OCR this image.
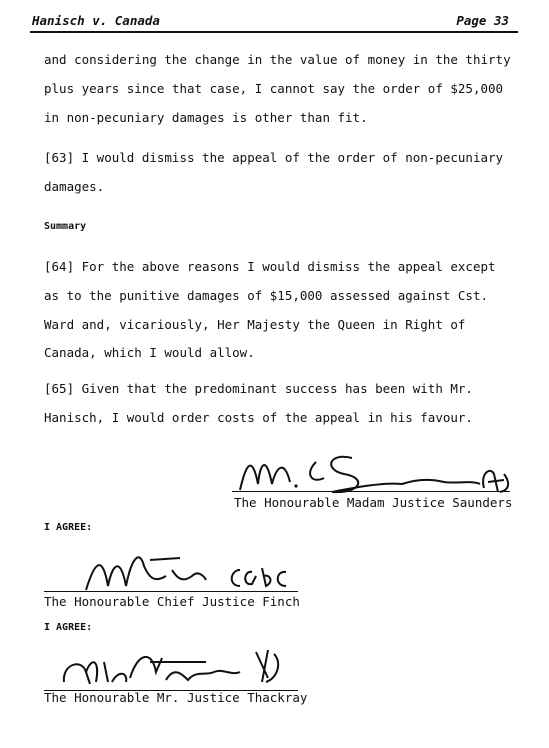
Hanisch v. Canada	Page 33
and considering the change in the value of money in the thirty
plus years since that case, I cannot say the order of $25,000
in non-pecuniary damages is other than fit.
[63] I would dismiss the appeal of the order of non-pecuniary
damages.
Summary
[64] For the above reasons I would dismiss the appeal except
as to the punitive damages of $15,000 assessed against Cst.
Ward and, vicariously, Her Majesty the Queen in Right of
Canada, which I would allow.
[65] Given that the predominant success has been with Mr.
Hanisch, I would order costs of the appeal in his favour.
The Honourable Madam Justice Saunders
I AGREE:
The Honourable Chief Justice Finch
I AGREE:
The Honourable Mr. Justice Thackray
